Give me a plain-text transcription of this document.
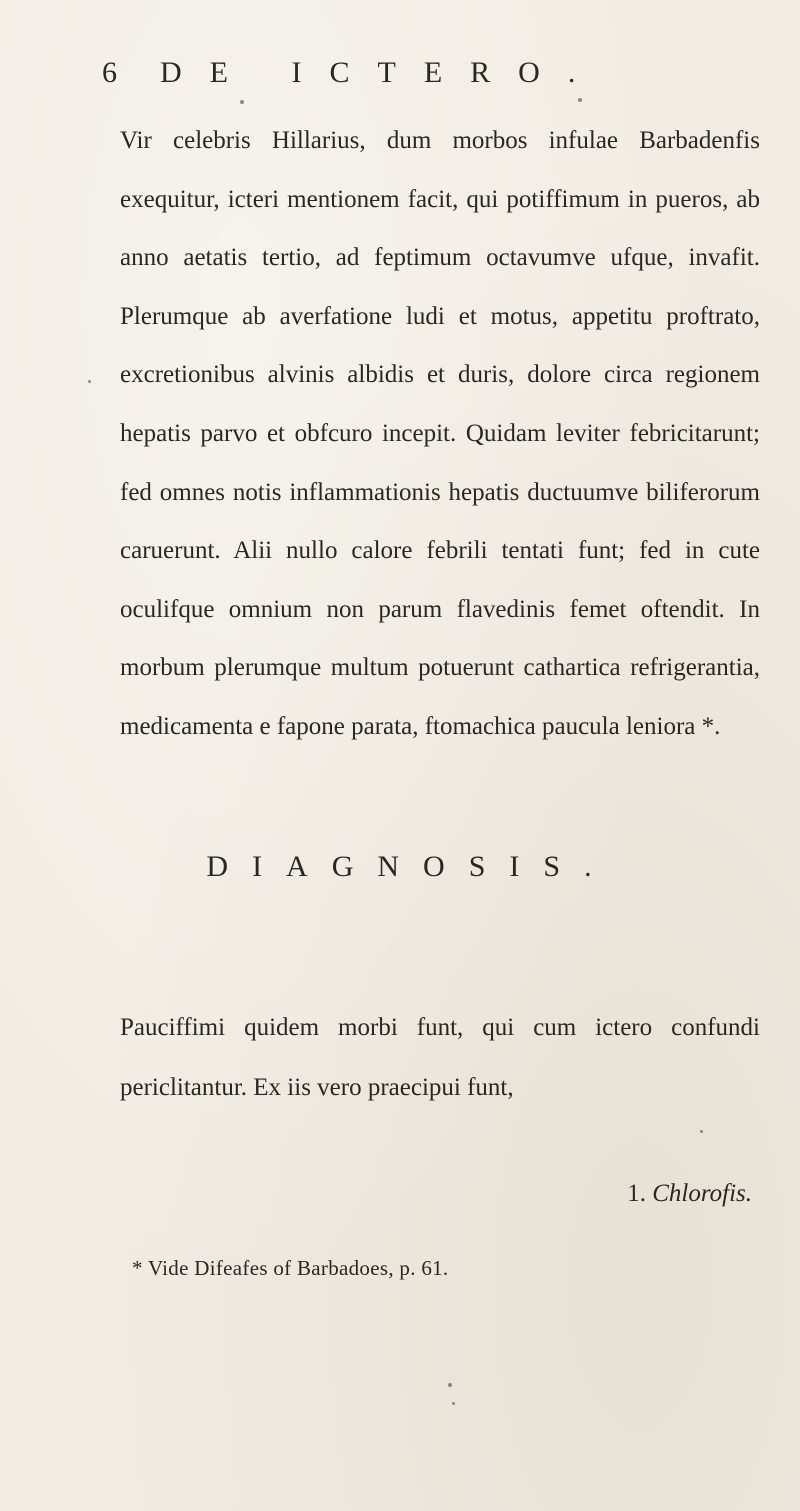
6 DE ICTERO.

Vir celebris Hillarius, dum morbos infulae Barbadenfis exequitur, icteri mentionem facit, qui potiffimum in pueros, ab anno aetatis tertio, ad feptimum octavumve ufque, invafit. Plerumque ab averfatione ludi et motus, appetitu proftrato, excretionibus alvinis albidis et duris, dolore circa regionem hepatis parvo et obfcuro incepit. Quidam leviter febricitarunt; fed omnes notis inflammationis hepatis ductuumve biliferorum caruerunt. Alii nullo calore febrili tentati funt; fed in cute oculifque omnium non parum flavedinis femet oftendit. In morbum plerumque multum potuerunt cathartica refrigerantia, medicamenta e fapone parata, ftomachica paucula leniora *.

DIAGNOSIS.

Pauciffimi quidem morbi funt, qui cum ictero confundi periclitantur. Ex iis vero praecipui funt,

1. Chlorofis.
* Vide Difeafes of Barbadoes, p. 61.
